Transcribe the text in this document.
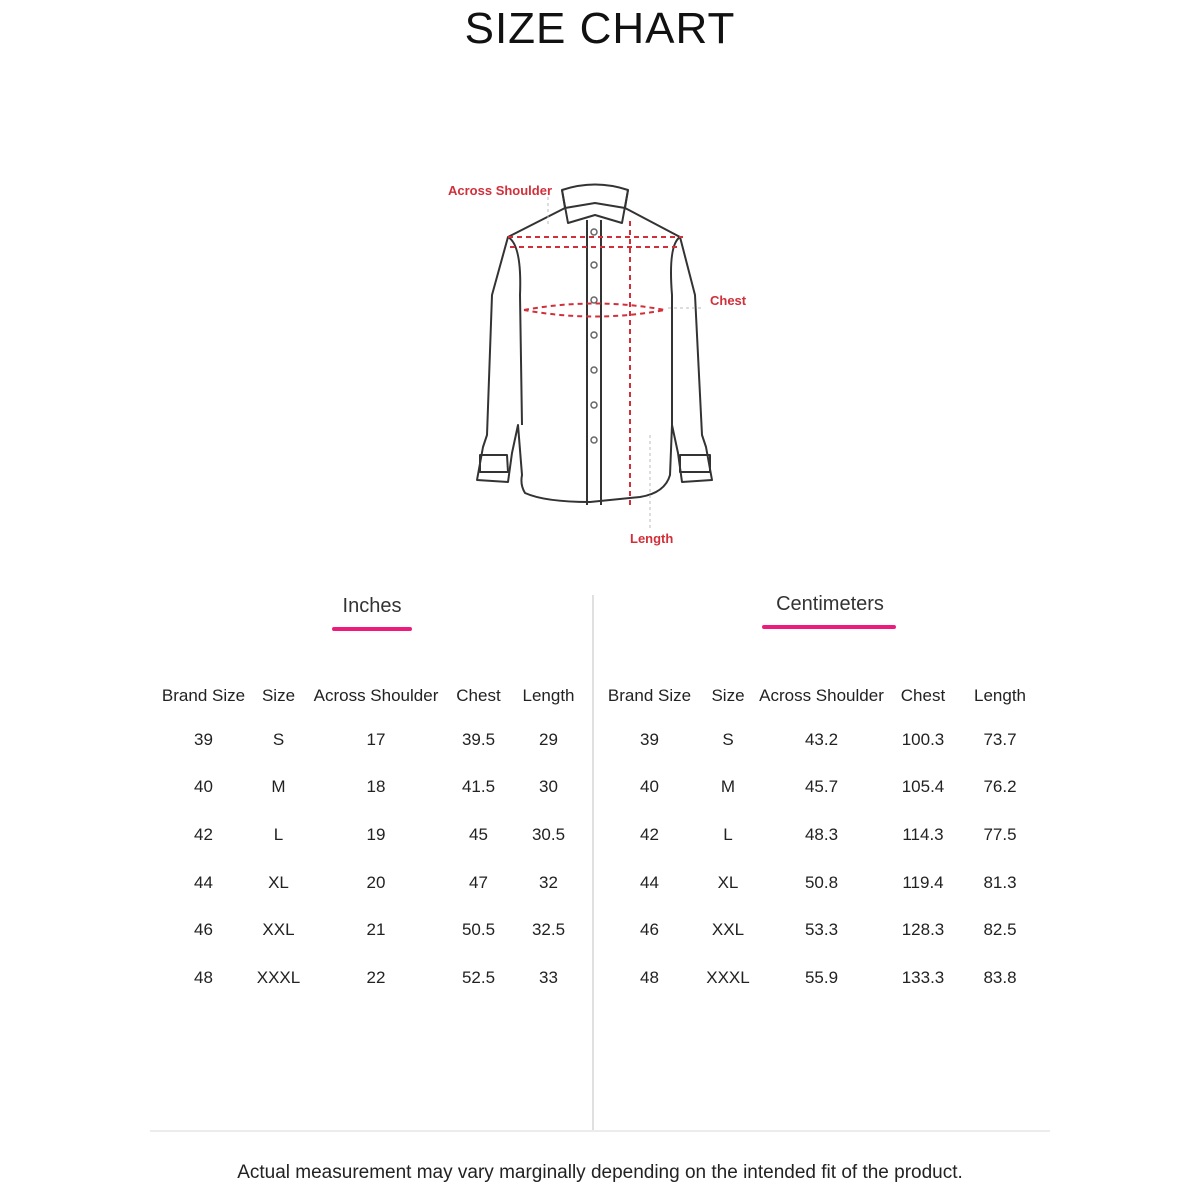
SIZE CHART
Across Shoulder
Chest
Length
Inches
Brand Size	Size	Across Shoulder	Chest	Length

39	S	17	39.5	29
40	M	18	41.5	30
42	L	19	45	30.5
44	XL	20	47	32
46	XXL	21	50.5	32.5
48	XXXL	22	52.5	33
Centimeters
Brand Size	Size	Across Shoulder	Chest	Length

39	S	43.2	100.3	73.7
40	M	45.7	105.4	76.2
42	L	48.3	114.3	77.5
44	XL	50.8	119.4	81.3
46	XXL	53.3	128.3	82.5
48	XXXL	55.9	133.3	83.8
Actual measurement may vary marginally depending on the intended fit of the product.
